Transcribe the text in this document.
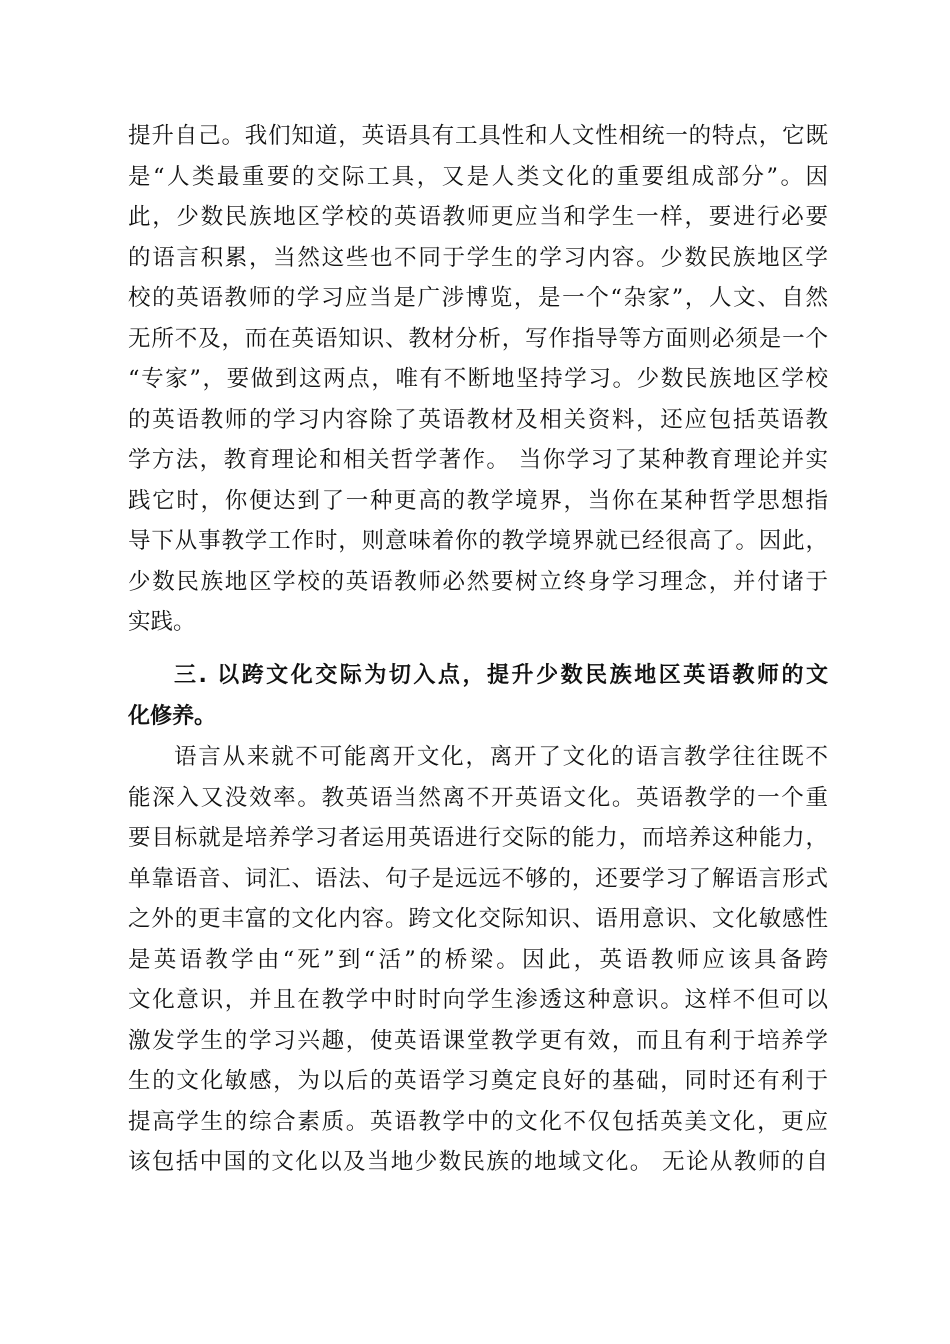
提升自己。我们知道，英语具有工具性和人文性相统一的特点，它既
是“人类最重要的交际工具，又是人类文化的重要组成部分”。因
此，少数民族地区学校的英语教师更应当和学生一样，要进行必要
的语言积累，当然这些也不同于学生的学习内容。少数民族地区学
校的英语教师的学习应当是广涉博览，是一个“杂家”，人文、自然
无所不及，而在英语知识、教材分析，写作指导等方面则必须是一个
“专家”，要做到这两点，唯有不断地坚持学习。少数民族地区学校
的英语教师的学习内容除了英语教材及相关资料，还应包括英语教
学方法，教育理论和相关哲学著作。 当你学习了某种教育理论并实
践它时，你便达到了一种更高的教学境界，当你在某种哲学思想指
导下从事教学工作时，则意味着你的教学境界就已经很高了。因此，
少数民族地区学校的英语教师必然要树立终身学习理念，并付诸于
实践。
三. 以跨文化交际为切入点，提升少数民族地区英语教师的文
化修养。
语言从来就不可能离开文化，离开了文化的语言教学往往既不
能深入又没效率。教英语当然离不开英语文化。英语教学的一个重
要目标就是培养学习者运用英语进行交际的能力，而培养这种能力，
单靠语音、词汇、语法、句子是远远不够的，还要学习了解语言形式
之外的更丰富的文化内容。跨文化交际知识、语用意识、文化敏感性
是英语教学由“死”到“活”的桥梁。因此，英语教师应该具备跨
文化意识，并且在教学中时时向学生渗透这种意识。这样不但可以
激发学生的学习兴趣，使英语课堂教学更有效，而且有利于培养学
生的文化敏感，为以后的英语学习奠定良好的基础，同时还有利于
提高学生的综合素质。英语教学中的文化不仅包括英美文化，更应
该包括中国的文化以及当地少数民族的地域文化。 无论从教师的自
